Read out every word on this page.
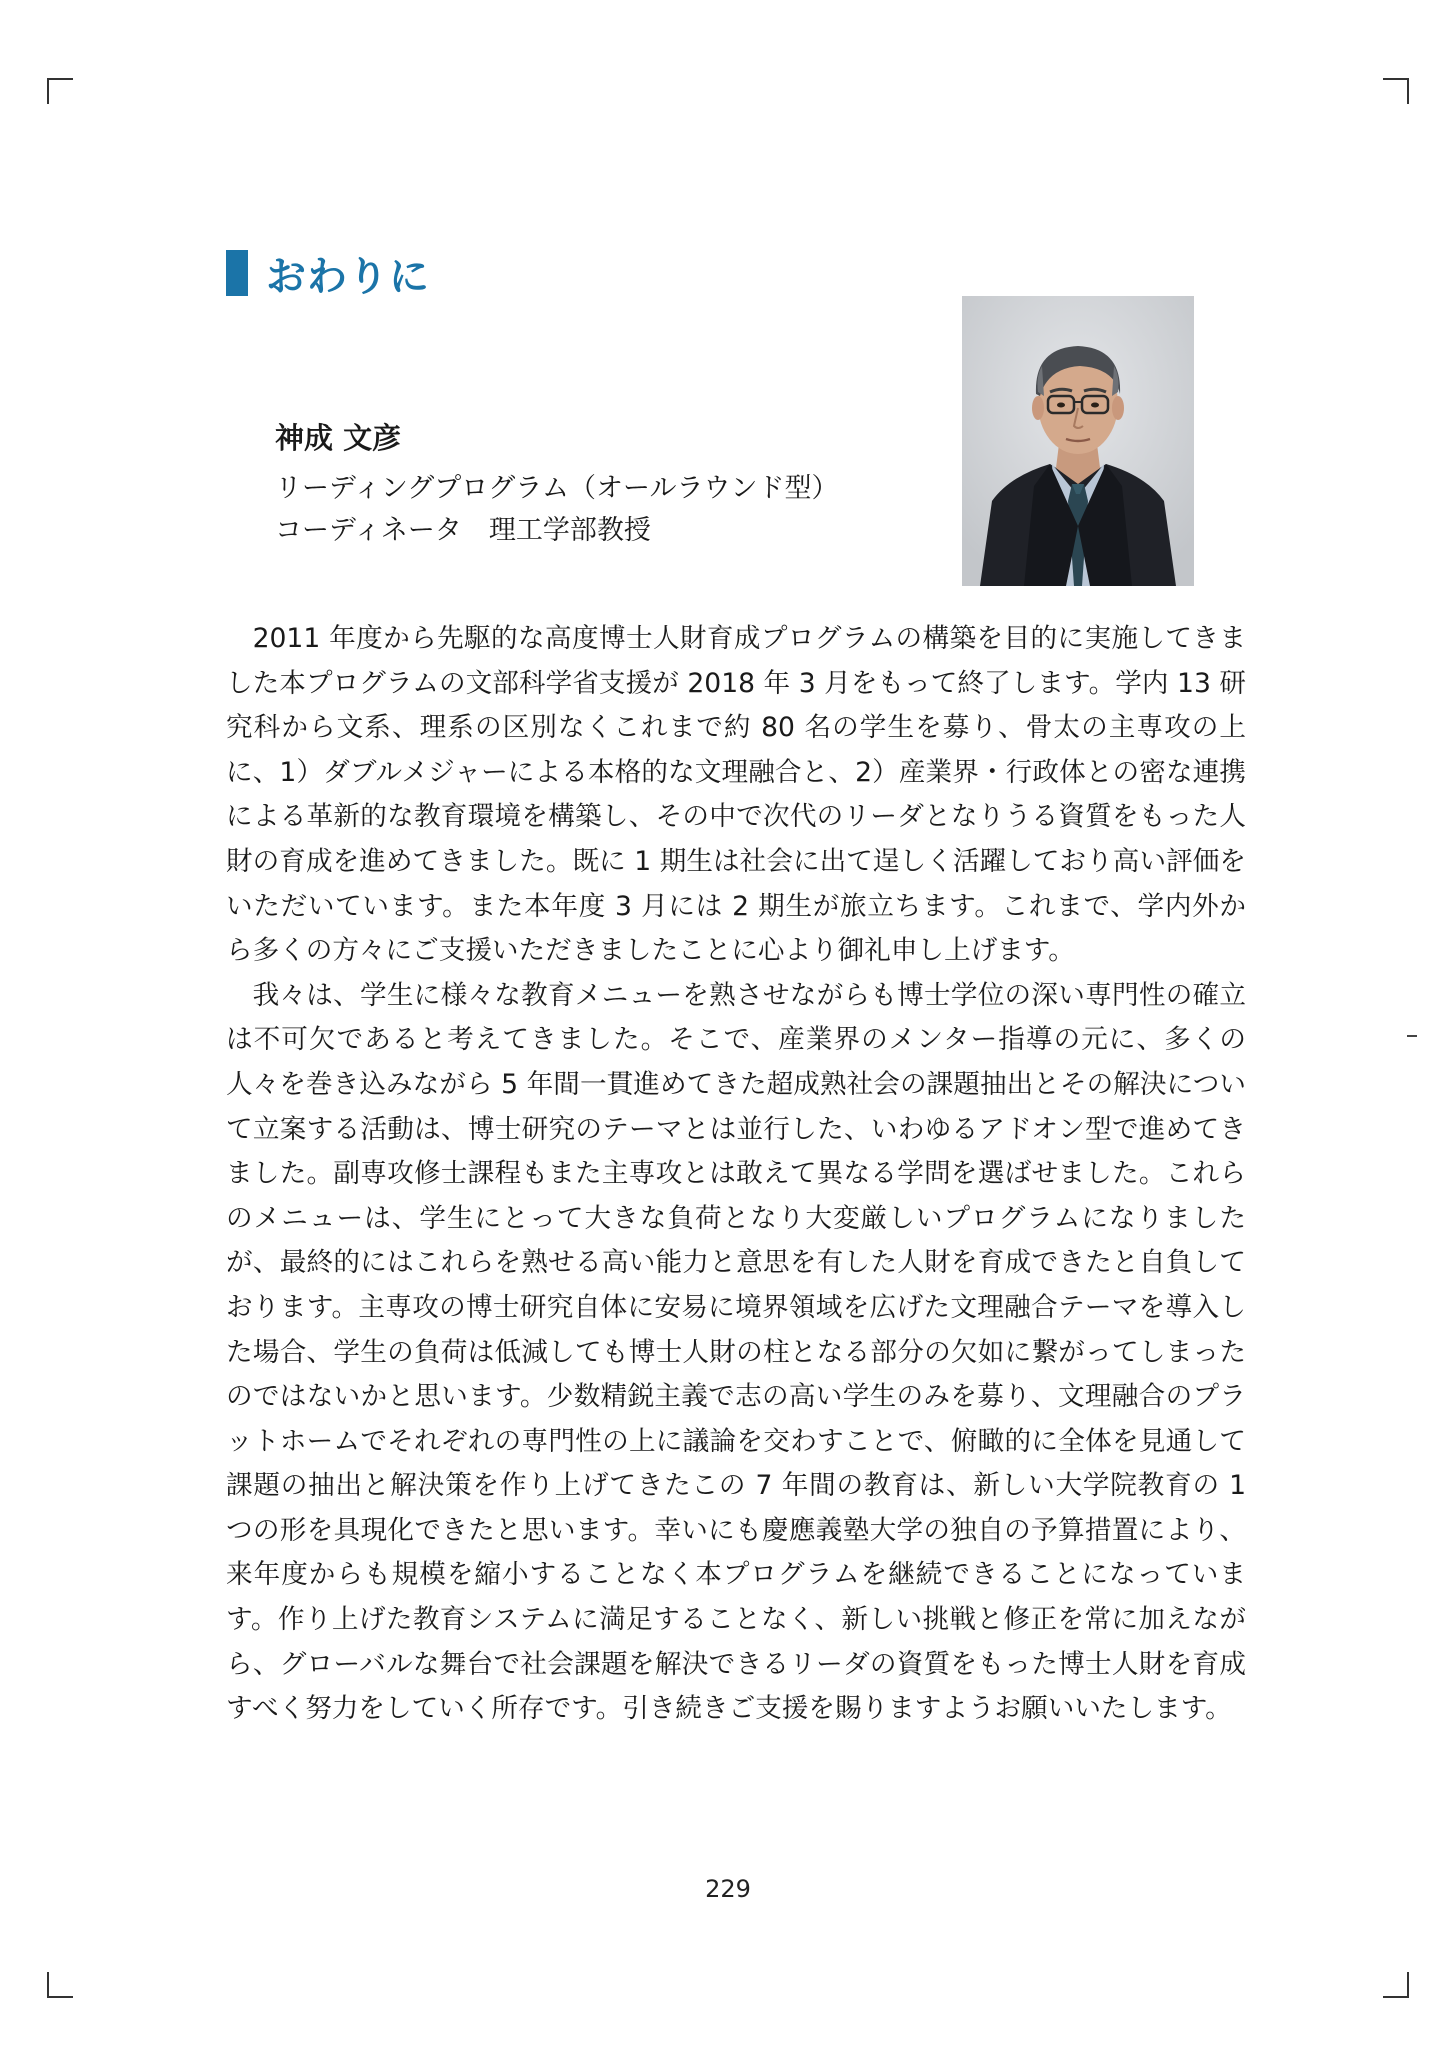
おわりに
神成 文彦
リーディングプログラム（オールラウンド型）
コーディネータ　理工学部教授

2011 年度から先駆的な高度博士人財育成プログラムの構築を目的に実施してきました本プログラムの文部科学省支援が 2018 年 3 月をもって終了します。学内 13 研究科から文系、理系の区別なくこれまで約 80 名の学生を募り、骨太の主専攻の上に、1）ダブルメジャーによる本格的な文理融合と、2）産業界・行政体との密な連携による革新的な教育環境を構築し、その中で次代のリーダとなりうる資質をもった人財の育成を進めてきました。既に 1 期生は社会に出て逞しく活躍しており高い評価をいただいています。また本年度 3 月には 2 期生が旅立ちます。これまで、学内外から多くの方々にご支援いただきましたことに心より御礼申し上げます。

我々は、学生に様々な教育メニューを熟させながらも博士学位の深い専門性の確立は不可欠であると考えてきました。そこで、産業界のメンター指導の元に、多くの人々を巻き込みながら 5 年間一貫進めてきた超成熟社会の課題抽出とその解決について立案する活動は、博士研究のテーマとは並行した、いわゆるアドオン型で進めてきました。副専攻修士課程もまた主専攻とは敢えて異なる学問を選ばせました。これらのメニューは、学生にとって大きな負荷となり大変厳しいプログラムになりましたが、最終的にはこれらを熟せる高い能力と意思を有した人財を育成できたと自負しております。主専攻の博士研究自体に安易に境界領域を広げた文理融合テーマを導入した場合、学生の負荷は低減しても博士人財の柱となる部分の欠如に繋がってしまったのではないかと思います。少数精鋭主義で志の高い学生のみを募り、文理融合のプラットホームでそれぞれの専門性の上に議論を交わすことで、俯瞰的に全体を見通して課題の抽出と解決策を作り上げてきたこの 7 年間の教育は、新しい大学院教育の 1 つの形を具現化できたと思います。幸いにも慶應義塾大学の独自の予算措置により、来年度からも規模を縮小することなく本プログラムを継続できることになっています。作り上げた教育システムに満足することなく、新しい挑戦と修正を常に加えながら、グローバルな舞台で社会課題を解決できるリーダの資質をもった博士人財を育成すべく努力をしていく所存です。引き続きご支援を賜りますようお願いいたします。

229
